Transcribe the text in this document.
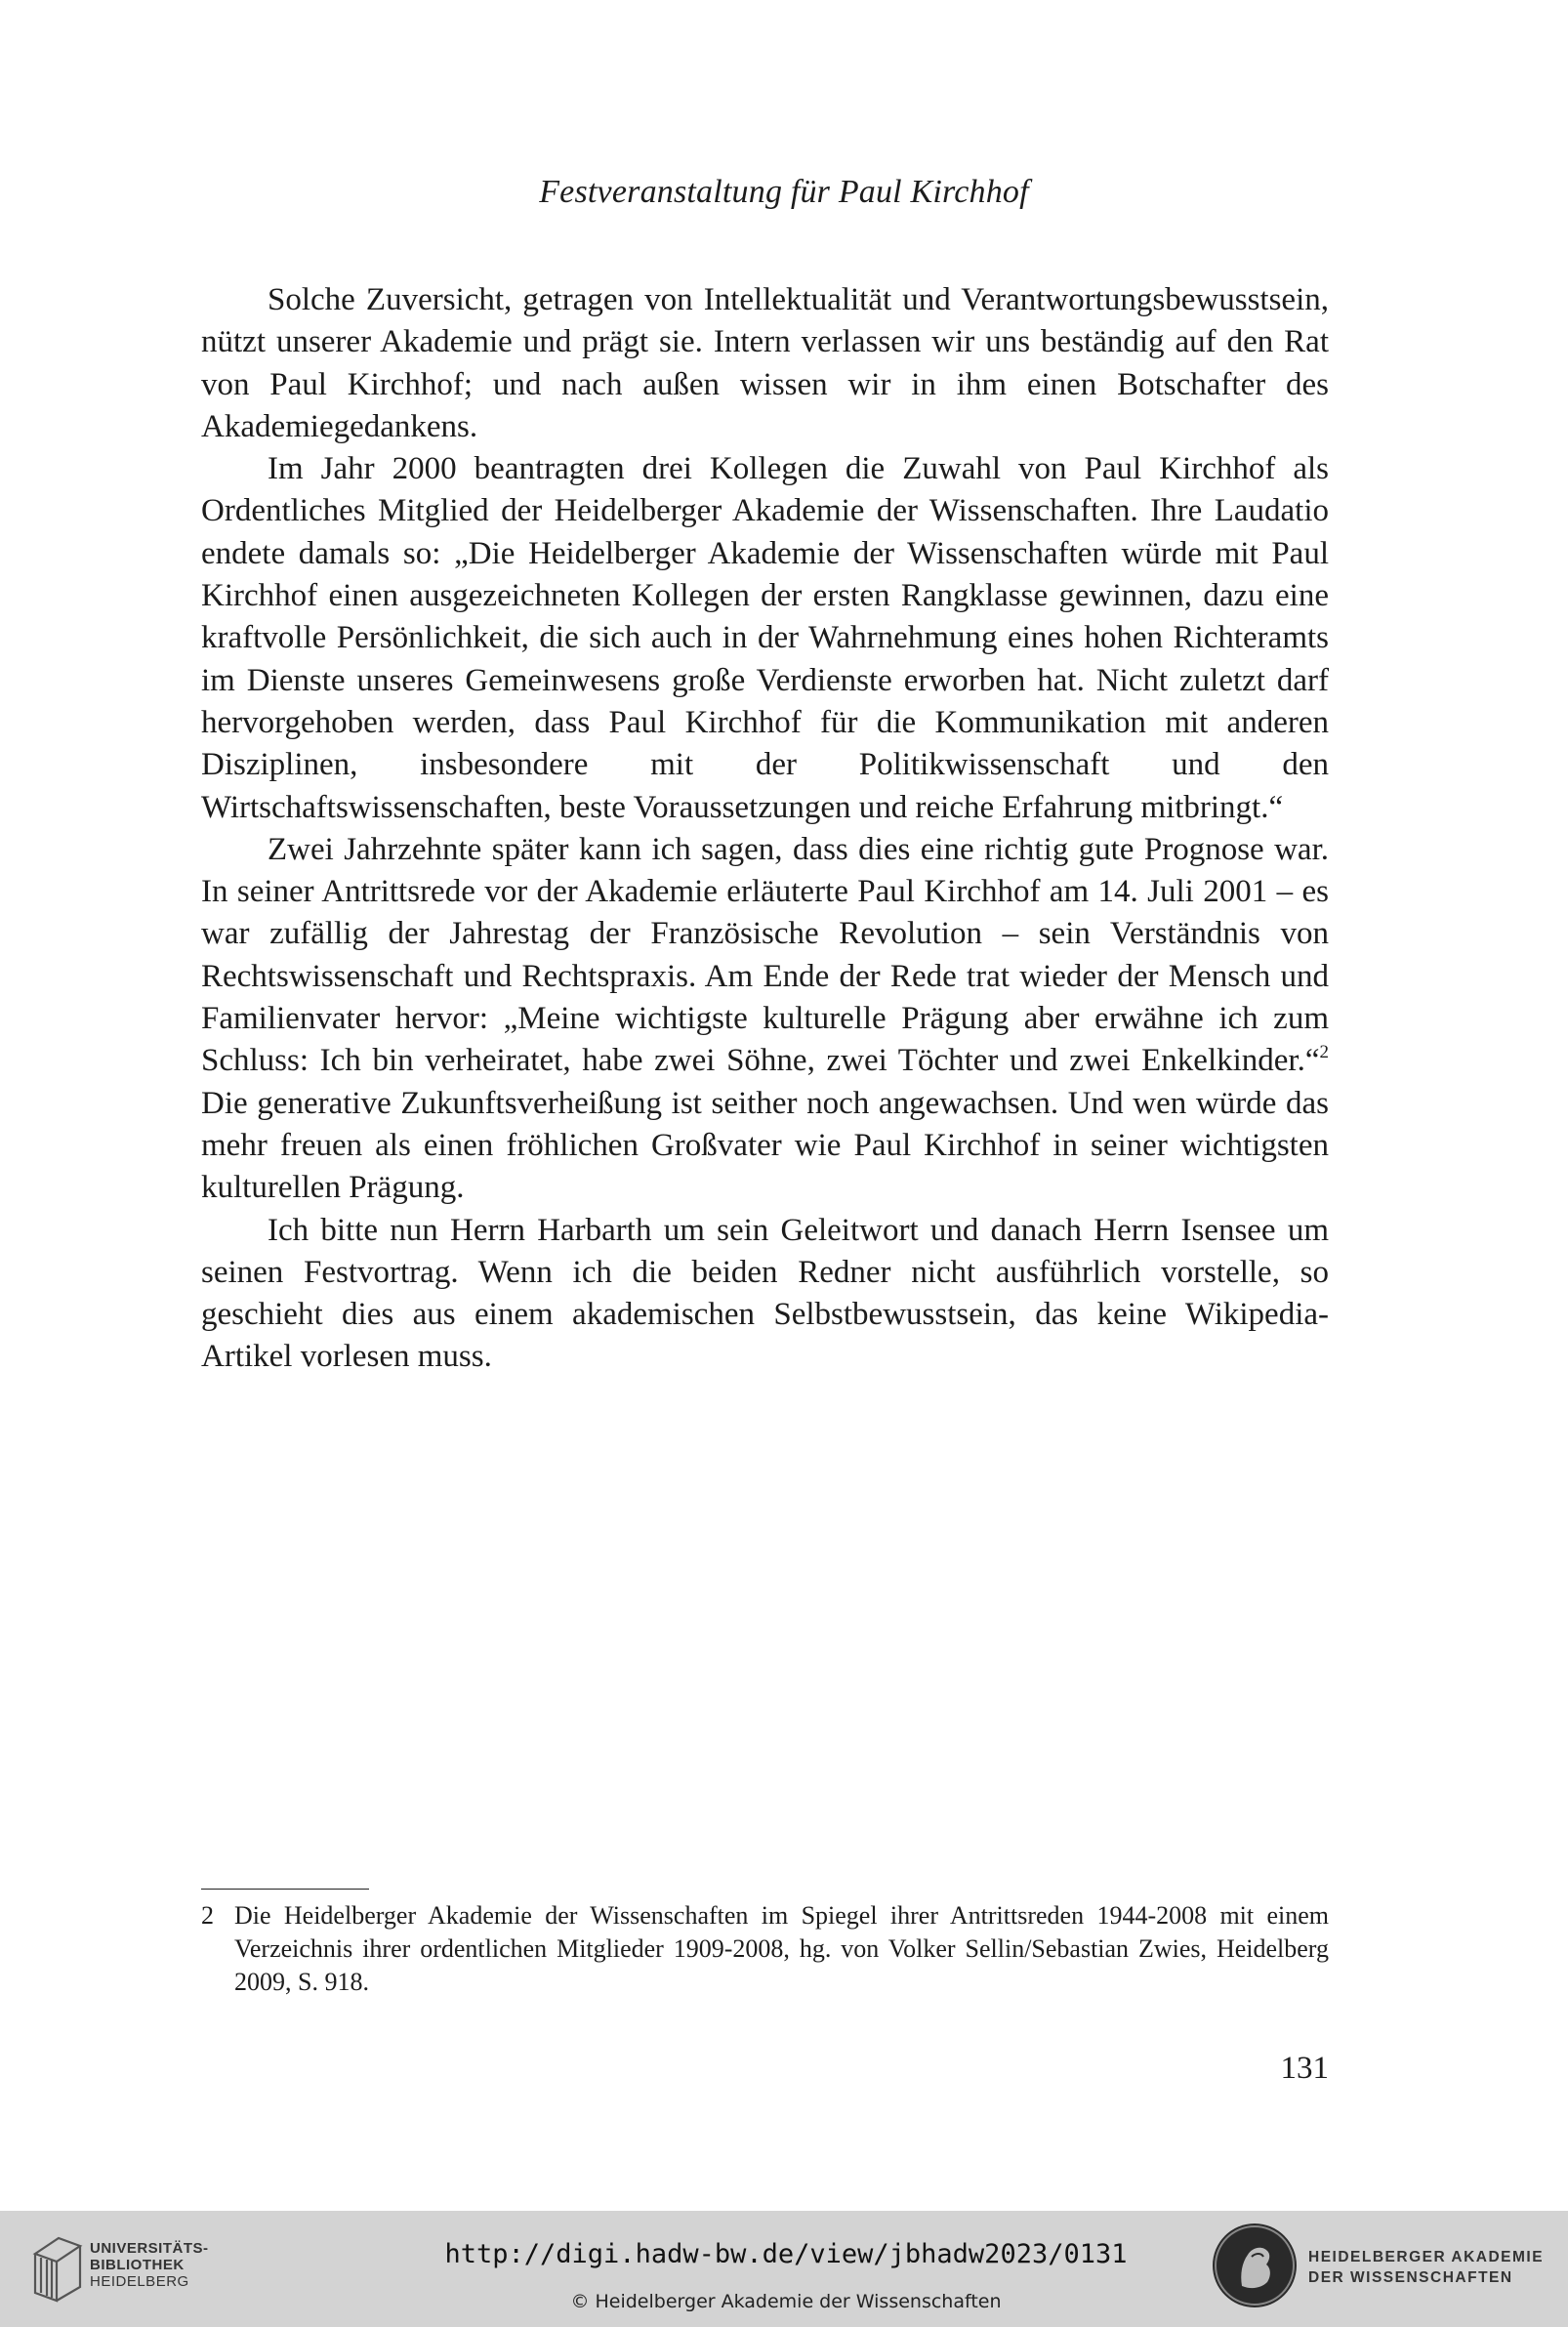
Festveranstaltung für Paul Kirchhof

Solche Zuversicht, getragen von Intellektualität und Verantwortungsbewusstsein, nützt unserer Akademie und prägt sie. Intern verlassen wir uns beständig auf den Rat von Paul Kirchhof; und nach außen wissen wir in ihm einen Botschafter des Akademiegedankens.

Im Jahr 2000 beantragten drei Kollegen die Zuwahl von Paul Kirchhof als Ordentliches Mitglied der Heidelberger Akademie der Wissenschaften. Ihre Laudatio endete damals so: „Die Heidelberger Akademie der Wissenschaften würde mit Paul Kirchhof einen ausgezeichneten Kollegen der ersten Rangklasse gewinnen, dazu eine kraftvolle Persönlichkeit, die sich auch in der Wahrnehmung eines hohen Richteramts im Dienste unseres Gemeinwesens große Verdienste erworben hat. Nicht zuletzt darf hervorgehoben werden, dass Paul Kirchhof für die Kommunikation mit anderen Disziplinen, insbesondere mit der Politikwissenschaft und den Wirtschaftswissenschaften, beste Voraussetzungen und reiche Erfahrung mitbringt.“

Zwei Jahrzehnte später kann ich sagen, dass dies eine richtig gute Prognose war. In seiner Antrittsrede vor der Akademie erläuterte Paul Kirchhof am 14. Juli 2001 – es war zufällig der Jahrestag der Französische Revolution – sein Verständnis von Rechtswissenschaft und Rechtspraxis. Am Ende der Rede trat wieder der Mensch und Familienvater hervor: „Meine wichtigste kulturelle Prägung aber erwähne ich zum Schluss: Ich bin verheiratet, habe zwei Söhne, zwei Töchter und zwei Enkelkinder.“$^2$ Die generative Zukunftsverheißung ist seither noch angewachsen. Und wen würde das mehr freuen als einen fröhlichen Großvater wie Paul Kirchhof in seiner wichtigsten kulturellen Prägung.

Ich bitte nun Herrn Harbarth um sein Geleitwort und danach Herrn Isensee um seinen Festvortrag. Wenn ich die beiden Redner nicht ausführlich vorstelle, so geschieht dies aus einem akademischen Selbstbewusstsein, das keine Wikipedia-Artikel vorlesen muss.

2 Die Heidelberger Akademie der Wissenschaften im Spiegel ihrer Antrittsreden 1944-2008 mit einem Verzeichnis ihrer ordentlichen Mitglieder 1909-2008, hg. von Volker Sellin/Sebastian Zwies, Heidelberg 2009, S. 918.
131
UNIVERSITÄTS-
BIBLIOTHEK
HEIDELBERG
http://digi.hadw-bw.de/view/jbhadw2023/0131
© Heidelberger Akademie der Wissenschaften
HEIDELBERGER AKADEMIE
DER WISSENSCHAFTEN
